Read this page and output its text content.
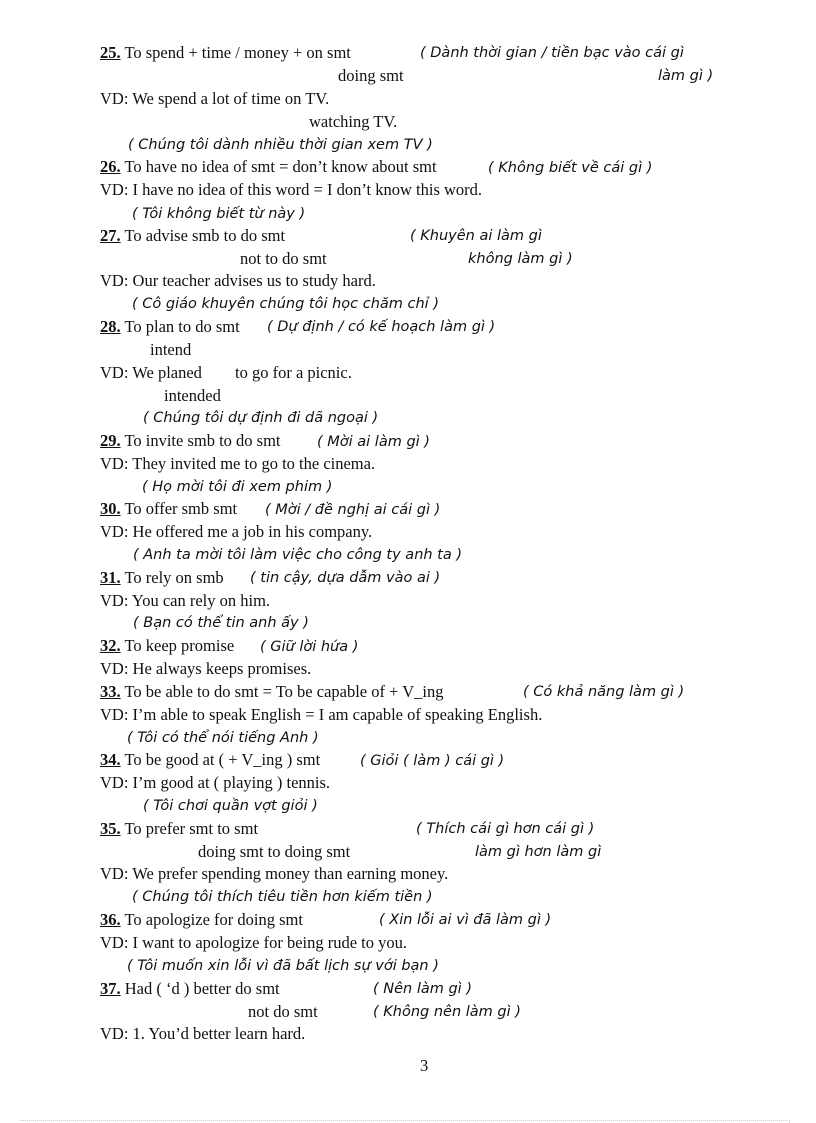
25. To spend + time / money + on smt	( Dành thời gian / tiền bạc vào cái gì
doing smt	làm gì )
VD: We spend a lot of time on TV.
watching TV.
( Chúng tôi dành nhiều thời gian xem TV )
26. To have no idea of smt = don’t know about smt	( Không biết về cái gì )
VD: I have no idea of this word = I don’t know this word.
( Tôi không biết từ này )
27. To advise smb to do smt	( Khuyên ai làm gì
not to do smt	không làm gì )
VD: Our teacher advises us to study hard.
( Cô giáo khuyên chúng tôi học chăm chỉ )
28. To plan to do smt ( Dự định / có kế hoạch làm gì )
intend
VD: We planed to go for a picnic.
intended
( Chúng tôi dự định đi dã ngoại )
29. To invite smb to do smt	( Mời ai làm gì )
VD: They invited me to go to the cinema.
( Họ mời tôi đi xem phim )
30. To offer smb smt ( Mời / đề nghị ai cái gì )
VD: He offered me a job in his company.
( Anh ta mời tôi làm việc cho công ty anh ta )
31. To rely on smb ( tin cậy, dựa dẫm vào ai )
VD: You can rely on him.
( Bạn có thể tin anh ấy )
32. To keep promise ( Giữ lời hứa )
VD: He always keeps promises.
33. To be able to do smt = To be capable of + V_ing	( Có khả năng làm gì )
VD: I’m able to speak English = I am capable of speaking English.
( Tôi có thể nói tiếng Anh )
34. To be good at ( + V_ing ) smt	( Giỏi ( làm ) cái gì )
VD: I’m good at ( playing ) tennis.
( Tôi chơi quần vợt giỏi )
35. To prefer smt to smt	( Thích cái gì hơn cái gì )
doing smt to doing smt	làm gì hơn làm gì
VD: We prefer spending money than earning money.
( Chúng tôi thích tiêu tiền hơn kiếm tiền )
36. To apologize for doing smt	( Xin lỗi ai vì đã làm gì )
VD: I want to apologize for being rude to you.
( Tôi muốn xin lỗi vì đã bất lịch sự với bạn )
37. Had ( ‘d ) better do smt	( Nên làm gì )
not do smt	( Không nên làm gì )
VD: 1. You’d better learn hard.
3
